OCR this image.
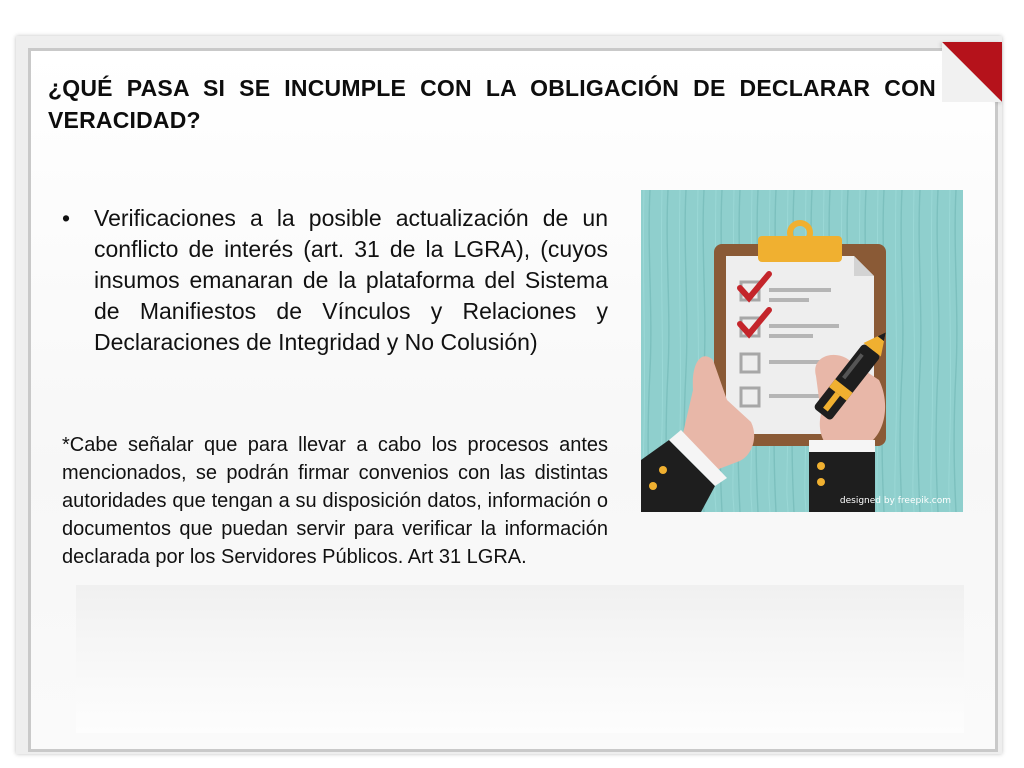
¿QUÉ PASA SI SE INCUMPLE CON LA OBLIGACIÓN DE DECLARAR CON VERACIDAD?
• Verificaciones a la posible actualización de un conflicto de interés (art. 31 de la LGRA), (cuyos insumos emanaran de la plataforma del Sistema de Manifiestos de Vínculos y Relaciones y Declaraciones de Integridad y No Colusión)
*Cabe señalar que para llevar a cabo los procesos antes mencionados, se podrán firmar convenios con las distintas autoridades que tengan a su disposición datos, información o documentos que puedan servir para verificar la información declarada por los Servidores Públicos. Art 31 LGRA.
designed by freepik.com
